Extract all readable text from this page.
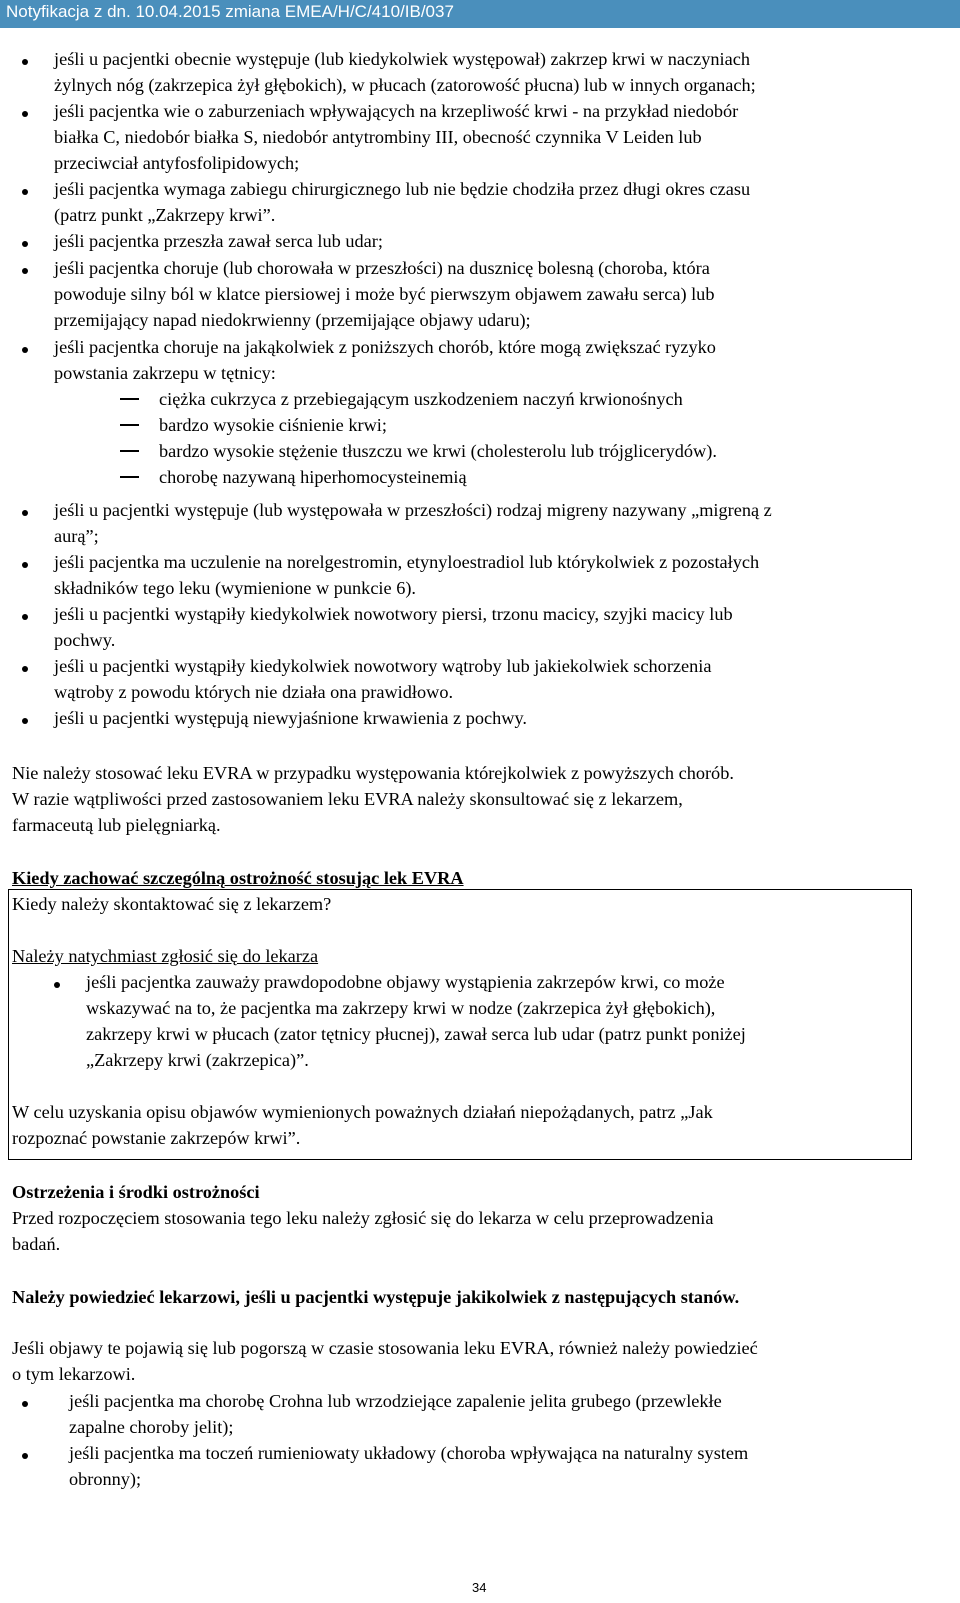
Notyfikacja z dn. 10.04.2015 zmiana EMEA/H/C/410/IB/037
jeśli u pacjentki obecnie występuje (lub kiedykolwiek występował) zakrzep krwi w naczyniach
żylnych nóg (zakrzepica żył głębokich), w płucach (zatorowość płucna) lub w innych organach;
jeśli pacjentka wie o zaburzeniach wpływających na krzepliwość krwi - na przykład niedobór
białka C, niedobór białka S, niedobór antytrombiny III, obecność czynnika V Leiden lub
przeciwciał antyfosfolipidowych;
jeśli pacjentka wymaga zabiegu chirurgicznego lub nie będzie chodziła przez długi okres czasu
(patrz punkt „Zakrzepy krwi”.
jeśli pacjentka przeszła zawał serca lub udar;
jeśli pacjentka choruje (lub chorowała w przeszłości) na dusznicę bolesną (choroba, która
powoduje silny ból w klatce piersiowej i może być pierwszym objawem zawału serca) lub
przemijający napad niedokrwienny (przemijające objawy udaru);
jeśli pacjentka choruje na jakąkolwiek z poniższych chorób, które mogą zwiększać ryzyko
powstania zakrzepu w tętnicy:
ciężka cukrzyca z przebiegającym uszkodzeniem naczyń krwionośnych
bardzo wysokie ciśnienie krwi;
bardzo wysokie stężenie tłuszczu we krwi (cholesterolu lub trójglicerydów).
chorobę nazywaną hiperhomocysteinemią
jeśli u pacjentki występuje (lub występowała w przeszłości) rodzaj migreny nazywany „migreną z
aurą”;
jeśli pacjentka ma uczulenie na norelgestromin, etynyloestradiol lub którykolwiek z pozostałych
składników tego leku (wymienione w punkcie 6).
jeśli u pacjentki wystąpiły kiedykolwiek nowotwory piersi, trzonu macicy, szyjki macicy lub
pochwy.
jeśli u pacjentki wystąpiły kiedykolwiek nowotwory wątroby lub jakiekolwiek schorzenia
wątroby z powodu których nie działa ona prawidłowo.
jeśli u pacjentki występują niewyjaśnione krwawienia z pochwy.
Nie należy stosować leku EVRA w przypadku występowania którejkolwiek z powyższych chorób.
W razie wątpliwości przed zastosowaniem leku EVRA należy skonsultować się z lekarzem,
farmaceutą lub pielęgniarką.
Kiedy zachować szczególną ostrożność stosując lek EVRA
Kiedy należy skontaktować się z lekarzem?
Należy natychmiast zgłosić się do lekarza
jeśli pacjentka zauważy prawdopodobne objawy wystąpienia zakrzepów krwi, co może
wskazywać na to, że pacjentka ma zakrzepy krwi w nodze (zakrzepica żył głębokich),
zakrzepy krwi w płucach (zator tętnicy płucnej), zawał serca lub udar (patrz punkt poniżej
„Zakrzepy krwi (zakrzepica)”.
W celu uzyskania opisu objawów wymienionych poważnych działań niepożądanych, patrz „Jak
rozpoznać powstanie zakrzepów krwi”.
Ostrzeżenia i środki ostrożności
Przed rozpoczęciem stosowania tego leku należy zgłosić się do lekarza w celu przeprowadzenia
badań.
Należy powiedzieć lekarzowi, jeśli u pacjentki występuje jakikolwiek z następujących stanów.
Jeśli objawy te pojawią się lub pogorszą w czasie stosowania leku EVRA, również należy powiedzieć
o tym lekarzowi.
jeśli pacjentka ma chorobę Crohna lub wrzodziejące zapalenie jelita grubego (przewlekłe
zapalne choroby jelit);
jeśli pacjentka ma toczeń rumieniowaty układowy (choroba wpływająca na naturalny system
obronny);
34
